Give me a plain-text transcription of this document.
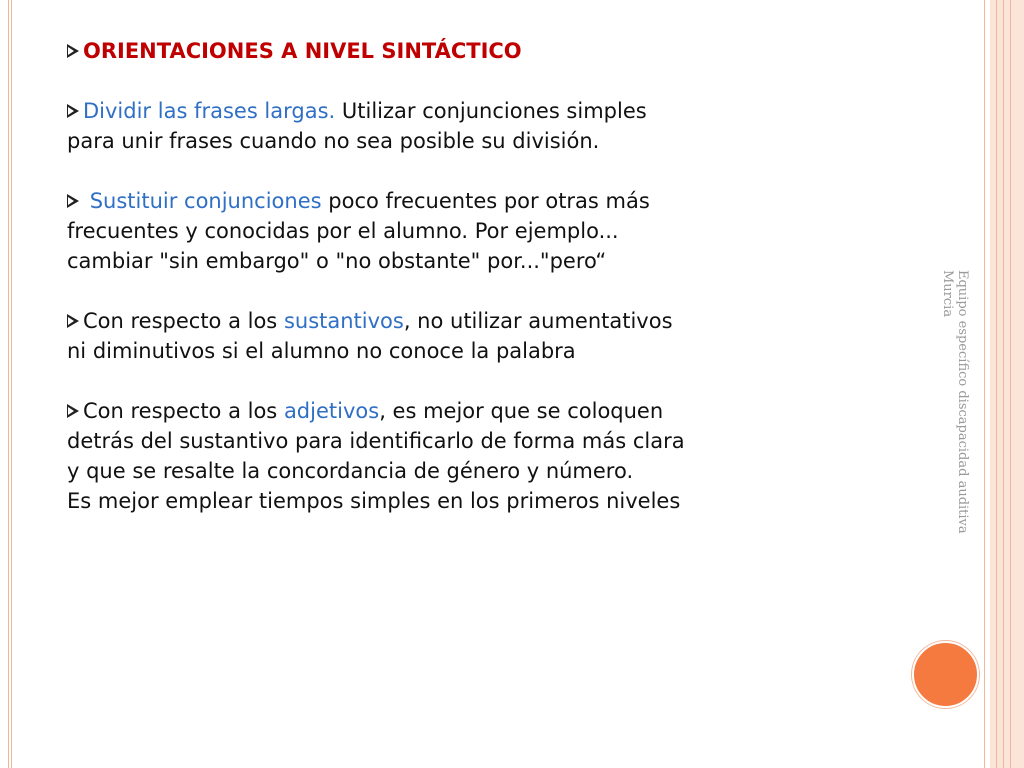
Equipo específico discapacidad auditiva
Murcia
ORIENTACIONES A NIVEL SINTÁCTICO
Dividir las frases largas. Utilizar conjunciones simples para unir frases cuando no sea posible su división.
Sustituir conjunciones poco frecuentes por otras más frecuentes y conocidas por el alumno. Por ejemplo... cambiar "sin embargo" o "no obstante" por..."pero“
Con respecto a los sustantivos, no utilizar aumentativos ni diminutivos si el alumno no conoce la palabra
Con respecto a los adjetivos, es mejor que se coloquen detrás del sustantivo para identificarlo de forma más clara y que se resalte la concordancia de género y número.
Es mejor emplear tiempos simples en los primeros niveles
